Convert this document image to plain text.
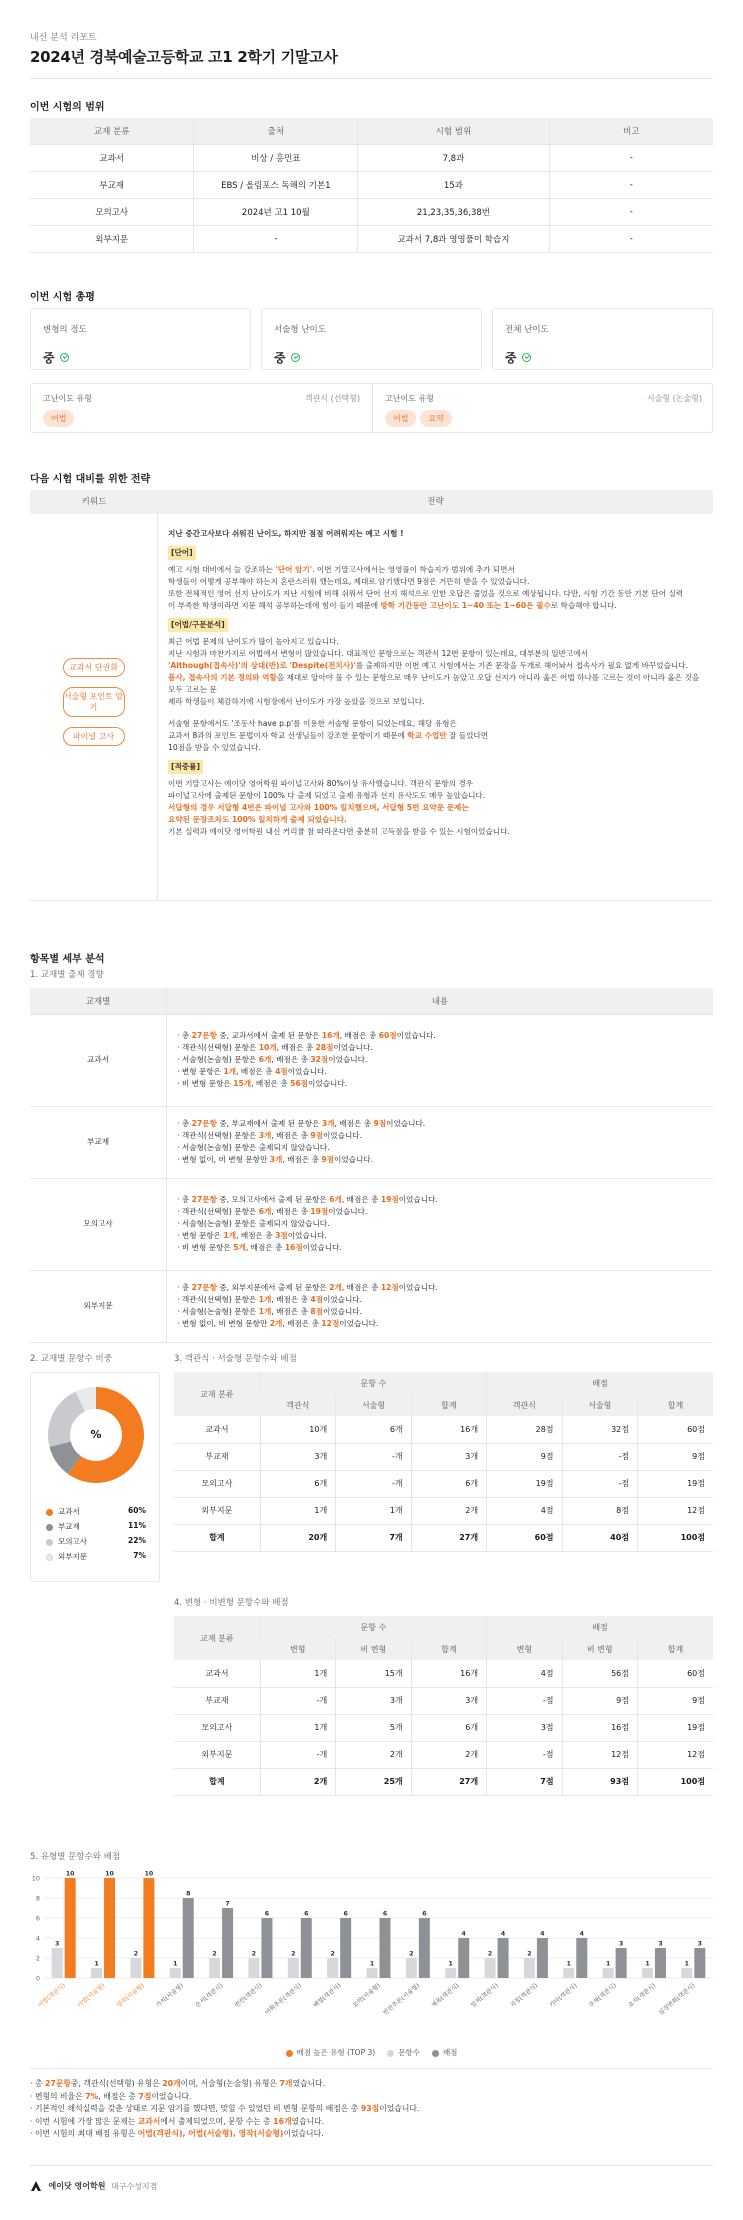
내신 분석 리포트
2024년 경북예술고등학교 고1 2학기 기말고사
이번 시험의 범위
교재 분류	출처	시험 범위	비고
교과서	비상 / 홍민표	7,8과	-
부교재	EBS / 올림포스 독해의 기본1	15과	-
모의고사	2024년 고1 10월	21,23,35,36,38번	-
외부지문	-	교과서 7,8과 영영풀이 학습지	-
이번 시험 총평
변형의 정도
중
서술형 난이도
중
전체 난이도
중
고난이도 유형	객관식 (선택형)
어법
고난이도 유형	서술형 (논술형)
어법	요약
다음 시험 대비를 위한 전략
키워드	전략
교과서 단권화
서술형 포인트 암기
파이널 고사

지난 중간고사보다 쉬워진 난이도, 하지만 점점 어려워지는 예고 시험 !

[단어]

예고 시험 대비에서 늘 강조하는 '단어 암기'. 이번 기말고사에서는 영영풀이 학습지가 범위에 추가 되면서

학생들이 어떻게 공부해야 하는지 혼란스러워 했는데요, 제대로 암기했다면 9점은 거뜬히 받을 수 있었습니다.

또한 전체적인 영어 선지 난이도가 지난 시험에 비해 쉬워서 단어 선지 해석으로 인한 오답은 줄었을 것으로 예상됩니다. 다만, 시험 기간 동안 기본 단어 실력

이 부족한 학생이라면 지문 해석 공부하는데에 힘이 들기 때문에 방학 기간동안 고난이도 1~40 또는 1~60은 필수로 학습해야 합니다.

[어법/구문분석]

최근 어법 문제의 난이도가 많이 높아지고 있습니다.

지난 시험과 마찬가지로 어법에서 변형이 많았습니다. 대표적인 문항으로는 객관식 12번 문항이 있는데요, 대부분의 일반고에서

'Although(접속사)'의 상대(반)로 'Despite(전치사)'를 출제하지만 이번 예고 시험에서는 기존 문장을 두개로 해어놔서 접속사가 필요 없게 바꾸었습니다.

품사, 접속사의 기본 정의와 역할을 제대로 알아야 풀 수 있는 문항으로 매우 난이도가 높았고 오답 선지가 아니라 옳은 어법 하나를 고르는 것이 아니라 옳은 것을 모두 고르는 문

제라 학생들이 체감하기에 시험장에서 난이도가 가장 높았을 것으로 보입니다.

서술형 문항에서도 '조동사 have p.p'를 이용한 서술형 문항이 되었는데요, 해당 유형은

교과서 8과의 포인트 문법이자 학교 선생님들이 강조한 문항이기 때문에 학교 수업만 잘 들었다면

10점을 받을 수 있었습니다.

[적중률]

이번 기말고사는 에이닷 영어학원 파이널고사와 80%이상 유사했습니다. 객관식 문항의 경우

파이널고사에 출제된 문항이 100% 다 출제 되었고 출제 유형과 선지 유사도도 매우 높았습니다.

서답형의 경우 서답형 4번은 파이널 고사와 100% 일치했으며, 서답형 5번 요약문 문제는

요약된 문장조차도 100% 일치하게 출제 되었습니다.

기본 실력과 에이닷 영어학원 내신 커리큘 참 따라온다면 충분히 고득점을 받을 수 있는 시험이었습니다.

항목별 세부 분석
1. 교재별 출제 경향
교재별	내용
교과서	· 총 27문항 중, 교과서에서 출제 된 문항은 16개, 배점은 총 60점이었습니다.
· 객관식(선택형) 문항은 10개, 배점은 총 28점이었습니다.
· 서술형(논술형) 문항은 6개, 배점은 총 32점이었습니다.
· 변형 문항은 1개, 배점은 총 4점이었습니다.
· 비 변형 문항은 15개, 배점은 총 56점이었습니다.

부교재	· 총 27문항 중, 부교재에서 출제 된 문항은 3개, 배점은 총 9점이었습니다.
· 객관식(선택형) 문항은 3개, 배점은 총 9점이었습니다.
· 서술형(논술형) 문항은 출제되지 않았습니다.
· 변형 없이, 비 변형 문항만 3개, 배점은 총 9점이었습니다.

모의고사	· 총 27문항 중, 모의고사에서 출제 된 문항은 6개, 배점은 총 19점이었습니다.
· 객관식(선택형) 문항은 6개, 배점은 총 19점이었습니다.
· 서술형(논술형) 문항은 출제되지 않았습니다.
· 변형 문항은 1개, 배점은 총 3점이었습니다.
· 비 변형 문항은 5개, 배점은 총 16점이었습니다.

외부지문	· 총 27문항 중, 외부지문에서 출제 된 문항은 2개, 배점은 총 12점이었습니다.
· 객관식(선택형) 문항은 1개, 배점은 총 4점이었습니다.
· 서술형(논술형) 문항은 1개, 배점은 총 8점이었습니다.
· 변형 없이, 비 변형 문항만 2개, 배점은 총 12점이었습니다.
2. 교재별 문항수 비중
%
교과서	60%
부교재	11%
모의고사	22%
외부지문	7%
3. 객관식 · 서술형 문항수와 배점
교재 분류	문항 수			배점		
	객관식	서술형	합계	객관식	서술형	합계
교과서	10개	6개	16개	28점	32점	60점
부교재	3개	-개	3개	9점	-점	9점
모의고사	6개	-개	6개	19점	-점	19점
외부지문	1개	1개	2개	4점	8점	12점
합계	20개	7개	27개	60점	40점	100점
4. 변형 · 비변형 문항수와 배점
교재 분류	문항 수			배점		
	변형	비 변형	합계	변형	비 변형	합계
교과서	1개	15개	16개	4점	56점	60점
부교재	-개	3개	3개	-점	9점	9점
모의고사	1개	5개	6개	3점	16점	19점
외부지문	-개	2개	2개	-점	12점	12점
합계	2개	25개	27개	7점	93점	100점
5. 유형별 문항수와 배점
0
2
4
6
8
10
3
10
어법(객관식)
1
10
어법(서술형)
2
10
영작(서술형)
1
8
가치(서술형)
2
7
순서(객관식)
2
6
빈칸(객관식)
2
6
어휘추론(객관식)
2
6
배열(객관식)
1
6
요약(서술형)
2
6
빈칸추론(서술형)
1
4
제목(객관식)
2
4
일치(객관식)
2
4
지칭(객관식)
1
4
기타(객관식)
1
3
주제(객관식)
1
3
요지(객관식)
1
3
심경변화(객관식)
배점 높은 유형 (TOP 3)	문항수	배점
· 총 27문항중, 객관식(선택형) 유형은 20개이며, 서술형(논술형) 유형은 7개였습니다.
· 변형의 비율은 7%, 배점은 총 7점이었습니다.
· 기본적인 해석실력을 갖춘 상태로 지문 암기를 했다면, 맞힐 수 있었던 비 변형 문항의 배점은 총 93점이었습니다.
· 이번 시험에 가장 많은 문제는 교과서에서 출제되었으며, 문항 수는 총 16개였습니다.
· 이번 시험의 최대 배점 유형은 어법(객관식), 어법(서술형), 영작(서술형)이었습니다.
에이닷 영어학원 대구수성지점
